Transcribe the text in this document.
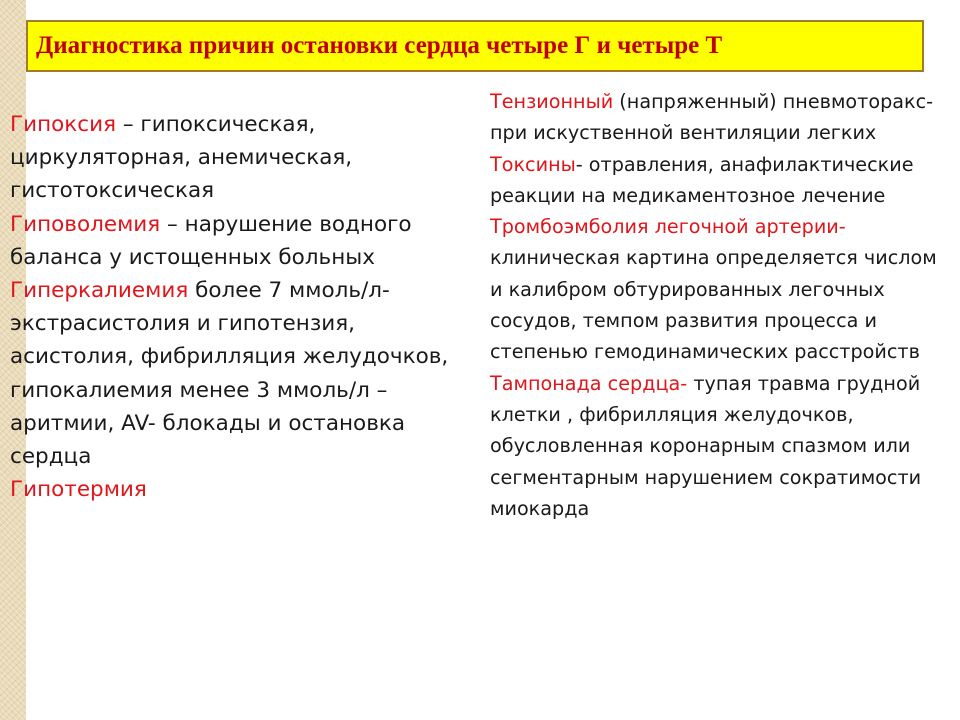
Диагностика причин остановки сердца четыре Г и четыре Т
Гипоксия – гипоксическая, циркуляторная, анемическая, гистотоксическая
Гиповолемия – нарушение водного баланса у истощенных больных
Гиперкалиемия более 7 ммоль/л- экстрасистолия и гипотензия, асистолия, фибрилляция желудочков, гипокалиемия менее 3 ммоль/л – аритмии, AV- блокады и остановка сердца
Гипотермия
Тензионный (напряженный) пневмоторакс-при искуственной вентиляции легких
Токсины- отравления, анафилактические реакции на медикаментозное лечение
Тромбоэмболия легочной артерии- клиническая картина определяется числом и калибром обтурированных легочных сосудов, темпом развития процесса и степенью гемодинамических расстройств
Тампонада сердца- тупая травма грудной клетки , фибрилляция желудочков, обусловленная коронарным спазмом или сегментарным нарушением сократимости миокарда
